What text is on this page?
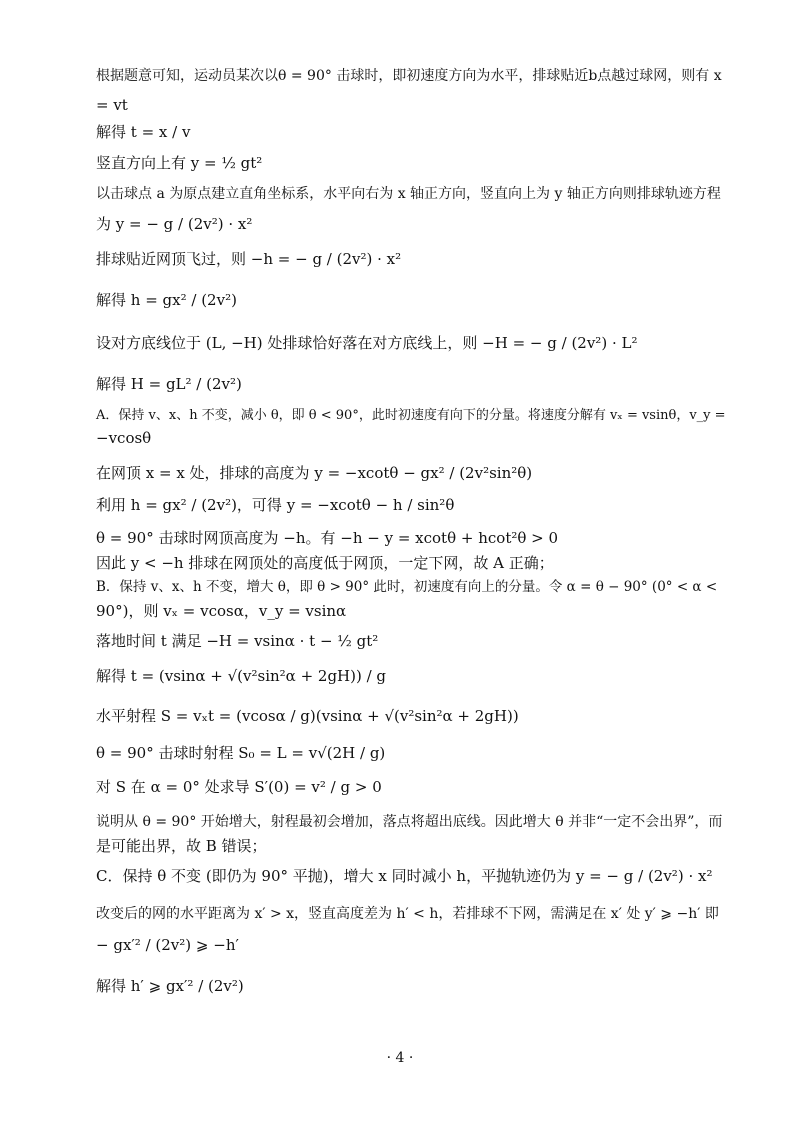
根据题意可知，运动员某次以θ = 90° 击球时，即初速度方向为水平，排球贴近b点越过球网，则有 x
= vt
解得 t = x / v
竖直方向上有 y = ½ gt²
以击球点 a 为原点建立直角坐标系，水平向右为 x 轴正方向，竖直向上为 y 轴正方向则排球轨迹方程
为 y = − g / (2v²) · x²
排球贴近网顶飞过，则 −h = − g / (2v²) · x²
解得 h = gx² / (2v²)
设对方底线位于 (L, −H) 处排球恰好落在对方底线上，则 −H = − g / (2v²) · L²
解得 H = gL² / (2v²)
A．保持 v、x、h 不变，减小 θ，即 θ < 90°，此时初速度有向下的分量。将速度分解有 vₓ = vsinθ，v_y =
−vcosθ
在网顶 x = x 处，排球的高度为 y = −xcotθ − gx² / (2v²sin²θ)
利用 h = gx² / (2v²)，可得 y = −xcotθ − h / sin²θ
θ = 90° 击球时网顶高度为 −h。有 −h − y = xcotθ + hcot²θ > 0
因此 y < −h 排球在网顶处的高度低于网顶，一定下网，故 A 正确；
B．保持 v、x、h 不变，增大 θ，即 θ > 90° 此时，初速度有向上的分量。令 α = θ − 90° (0° < α <
90°)，则 vₓ = vcosα，v_y = vsinα
落地时间 t 满足 −H = vsinα · t − ½ gt²
解得 t = (vsinα + √(v²sin²α + 2gH)) / g
水平射程 S = vₓt = (vcosα / g)(vsinα + √(v²sin²α + 2gH))
θ = 90° 击球时射程 S₀ = L = v√(2H / g)
对 S 在 α = 0° 处求导 S′(0) = v² / g > 0
说明从 θ = 90° 开始增大，射程最初会增加，落点将超出底线。因此增大 θ 并非“一定不会出界”，而
是可能出界，故 B 错误；
C．保持 θ 不变 (即仍为 90° 平抛)，增大 x 同时减小 h，平抛轨迹仍为 y = − g / (2v²) · x²
改变后的网的水平距离为 x′ > x，竖直高度差为 h′ < h，若排球不下网，需满足在 x′ 处 y′ ⩾ −h′ 即
− gx′² / (2v²) ⩾ −h′
解得 h′ ⩾ gx′² / (2v²)
· 4 ·
